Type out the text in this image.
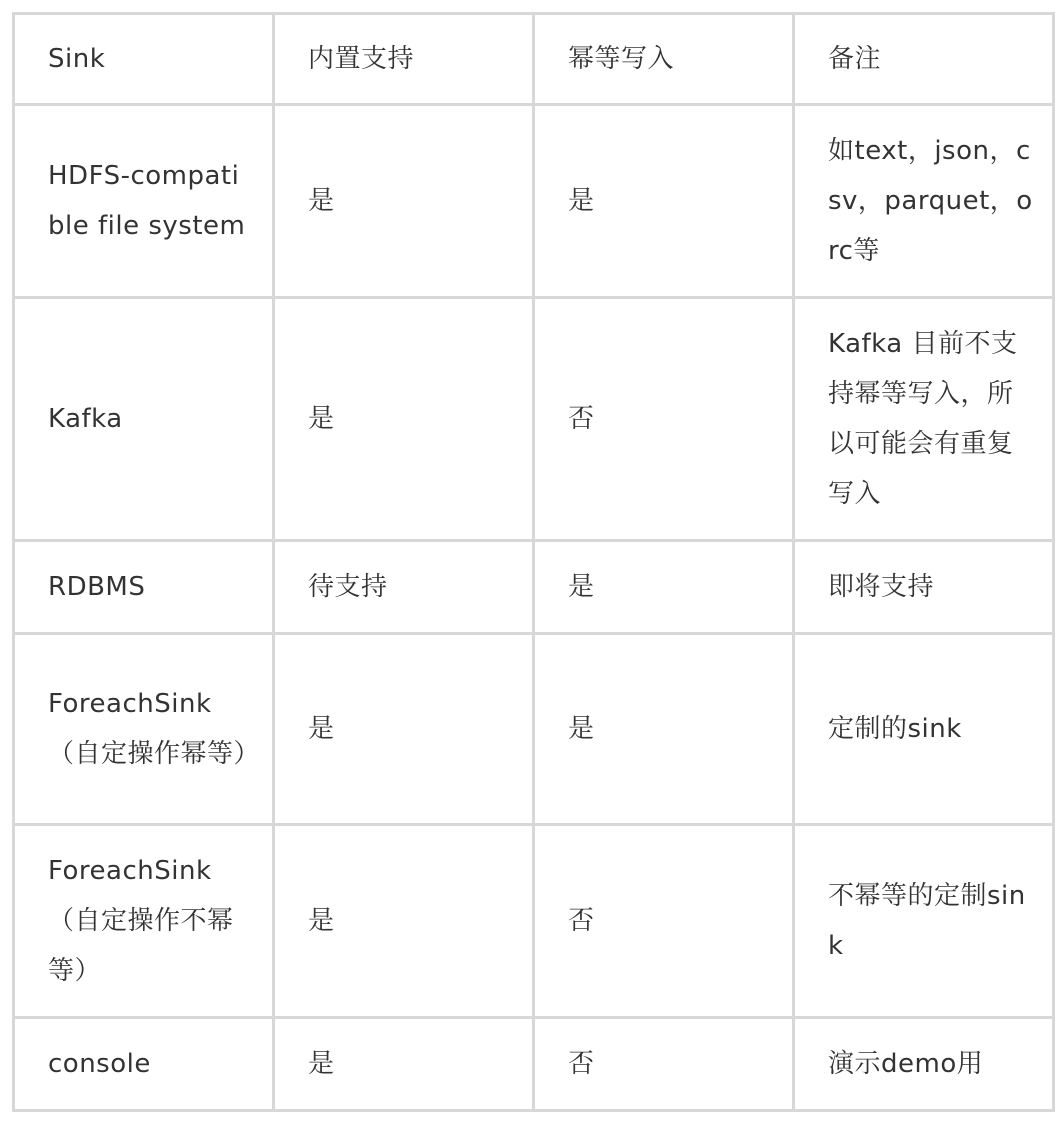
Sink	内置支持	幂等写入	备注

HDFS-compatible file system	是	是	如text，json，csv，parquet，orc等

Kafka	是	否	Kafka 目前不支持幂等写入，所以可能会有重复写入

RDBMS	待支持	是	即将支持

ForeachSink（自定操作幂等）	是	是	定制的sink

ForeachSink（自定操作不幂等）	是	否	不幂等的定制sink

console	是	否	演示demo用
